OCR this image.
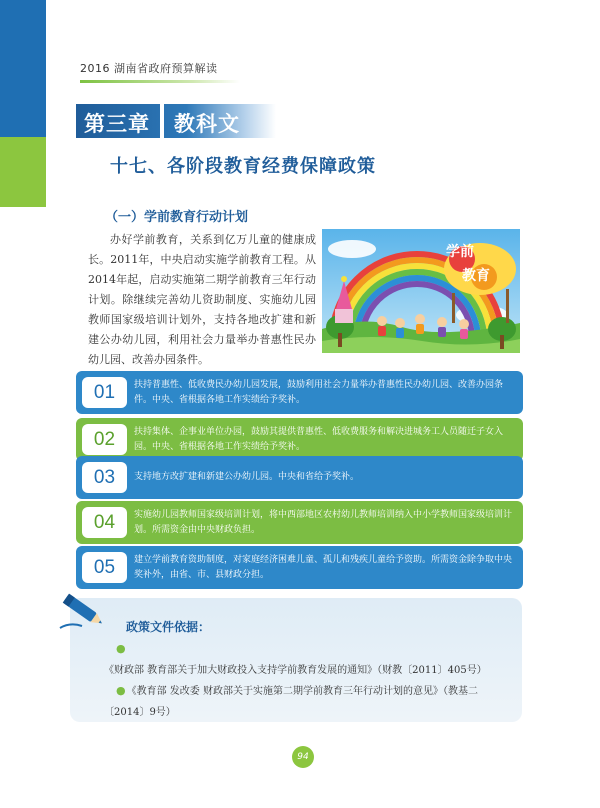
2016 湖南省政府预算解读
第三章 教科文
十七、各阶段教育经费保障政策
（一）学前教育行动计划

办好学前教育，关系到亿万儿童的健康成长。2011年，中央启动实施学前教育工程。从2014年起，启动实施第二期学前教育三年行动计划。除继续完善幼儿资助制度、实施幼儿园教师国家级培训计划外，支持各地改扩建和新建公办幼儿园，利用社会力量举办普惠性民办幼儿园、改善办园条件。

学前
教育
01	扶持普惠性、低收费民办幼儿园发展，鼓励利用社会力量举办普惠性民办幼儿园、改善办园条件。中央、省根据各地工作实绩给予奖补。
02	扶持集体、企事业单位办园，鼓励其提供普惠性、低收费服务和解决进城务工人员随迁子女入园。中央、省根据各地工作实绩给予奖补。
03	支持地方改扩建和新建公办幼儿园。中央和省给予奖补。
04	实施幼儿园教师国家级培训计划，将中西部地区农村幼儿教师培训纳入中小学教师国家级培训计划。所需资金由中央财政负担。
05	建立学前教育资助制度，对家庭经济困难儿童、孤儿和残疾儿童给予资助。所需资金除争取中央奖补外，由省、市、县财政分担。
政策文件依据：
●《财政部 教育部关于加大财政投入支持学前教育发展的通知》（财教〔2011〕405号）
●《教育部 发改委 财政部关于实施第二期学前教育三年行动计划的意见》（教基二〔2014〕9号）
94
